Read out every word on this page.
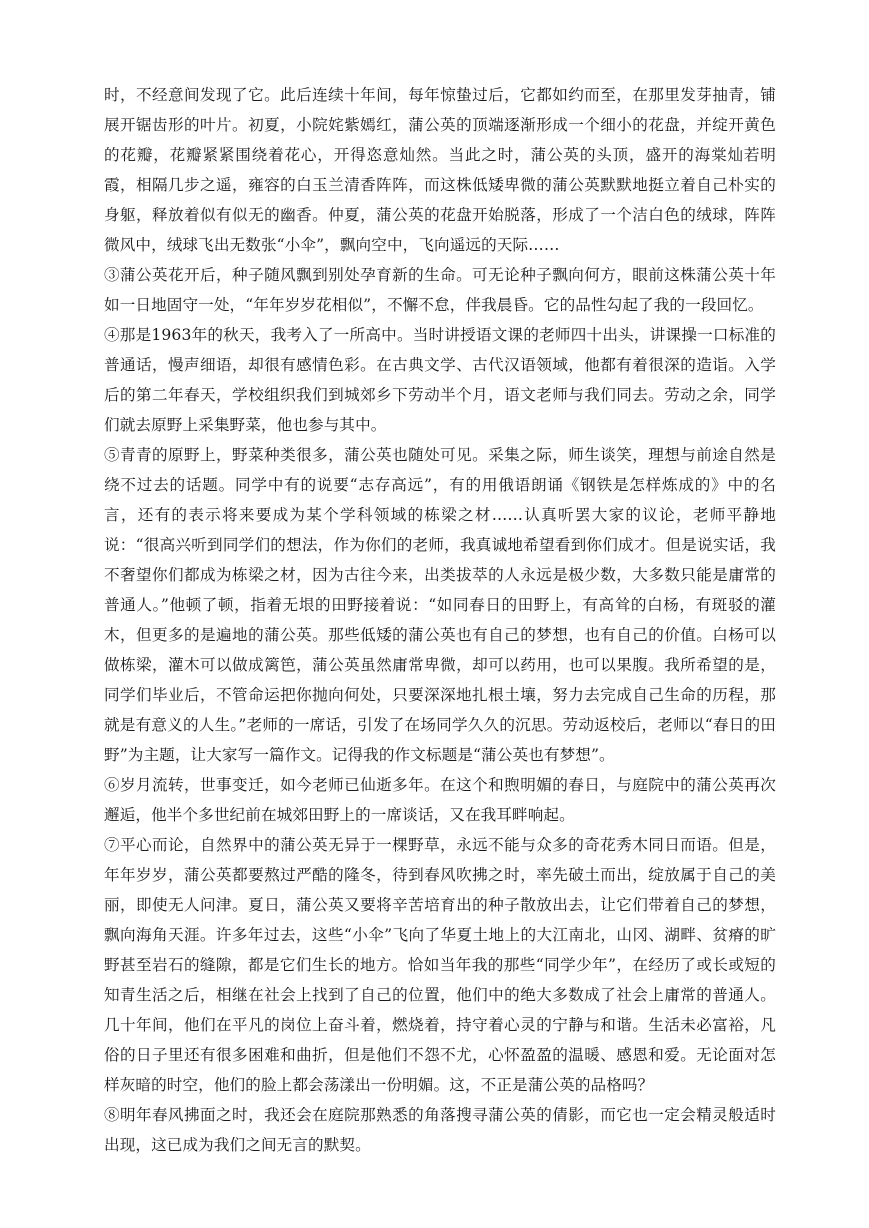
时，不经意间发现了它。此后连续十年间，每年惊蛰过后，它都如约而至，在那里发芽抽青，铺展开锯齿形的叶片。初夏，小院姹紫嫣红，蒲公英的顶端逐渐形成一个细小的花盘，并绽开黄色的花瓣，花瓣紧紧围绕着花心，开得恣意灿然。当此之时，蒲公英的头顶，盛开的海棠灿若明霞，相隔几步之遥，雍容的白玉兰清香阵阵，而这株低矮卑微的蒲公英默默地挺立着自己朴实的身躯，释放着似有似无的幽香。仲夏，蒲公英的花盘开始脱落，形成了一个洁白色的绒球，阵阵微风中，绒球飞出无数张“小伞”，飘向空中，飞向遥远的天际……

③蒲公英花开后，种子随风飘到别处孕育新的生命。可无论种子飘向何方，眼前这株蒲公英十年如一日地固守一处，“年年岁岁花相似”，不懈不怠，伴我晨昏。它的品性勾起了我的一段回忆。

④那是1963年的秋天，我考入了一所高中。当时讲授语文课的老师四十出头，讲课操一口标准的普通话，慢声细语，却很有感情色彩。在古典文学、古代汉语领域，他都有着很深的造诣。入学后的第二年春天，学校组织我们到城郊乡下劳动半个月，语文老师与我们同去。劳动之余，同学们就去原野上采集野菜，他也参与其中。

⑤青青的原野上，野菜种类很多，蒲公英也随处可见。采集之际，师生谈笑，理想与前途自然是绕不过去的话题。同学中有的说要“志存高远”，有的用俄语朗诵《钢铁是怎样炼成的》中的名言，还有的表示将来要成为某个学科领域的栋梁之材……认真听罢大家的议论，老师平静地说：“很高兴听到同学们的想法，作为你们的老师，我真诚地希望看到你们成才。但是说实话，我不奢望你们都成为栋梁之材，因为古往今来，出类拔萃的人永远是极少数，大多数只能是庸常的普通人。”他顿了顿，指着无垠的田野接着说：“如同春日的田野上，有高耸的白杨，有斑驳的灌木，但更多的是遍地的蒲公英。那些低矮的蒲公英也有自己的梦想，也有自己的价值。白杨可以做栋梁，灌木可以做成篱笆，蒲公英虽然庸常卑微，却可以药用，也可以果腹。我所希望的是，同学们毕业后，不管命运把你抛向何处，只要深深地扎根土壤，努力去完成自己生命的历程，那就是有意义的人生。”老师的一席话，引发了在场同学久久的沉思。劳动返校后，老师以“春日的田野”为主题，让大家写一篇作文。记得我的作文标题是“蒲公英也有梦想”。

⑥岁月流转，世事变迁，如今老师已仙逝多年。在这个和煦明媚的春日，与庭院中的蒲公英再次邂逅，他半个多世纪前在城郊田野上的一席谈话，又在我耳畔响起。

⑦平心而论，自然界中的蒲公英无异于一棵野草，永远不能与众多的奇花秀木同日而语。但是，年年岁岁，蒲公英都要熬过严酷的隆冬，待到春风吹拂之时，率先破土而出，绽放属于自己的美丽，即使无人问津。夏日，蒲公英又要将辛苦培育出的种子散放出去，让它们带着自己的梦想，飘向海角天涯。许多年过去，这些“小伞”飞向了华夏土地上的大江南北，山冈、湖畔、贫瘠的旷野甚至岩石的缝隙，都是它们生长的地方。恰如当年我的那些“同学少年”，在经历了或长或短的知青生活之后，相继在社会上找到了自己的位置，他们中的绝大多数成了社会上庸常的普通人。几十年间，他们在平凡的岗位上奋斗着，燃烧着，持守着心灵的宁静与和谐。生活未必富裕，凡俗的日子里还有很多困难和曲折，但是他们不怨不尤，心怀盈盈的温暖、感恩和爱。无论面对怎样灰暗的时空，他们的脸上都会荡漾出一份明媚。这，不正是蒲公英的品格吗？

⑧明年春风拂面之时，我还会在庭院那熟悉的角落搜寻蒲公英的倩影，而它也一定会精灵般适时出现，这已成为我们之间无言的默契。
